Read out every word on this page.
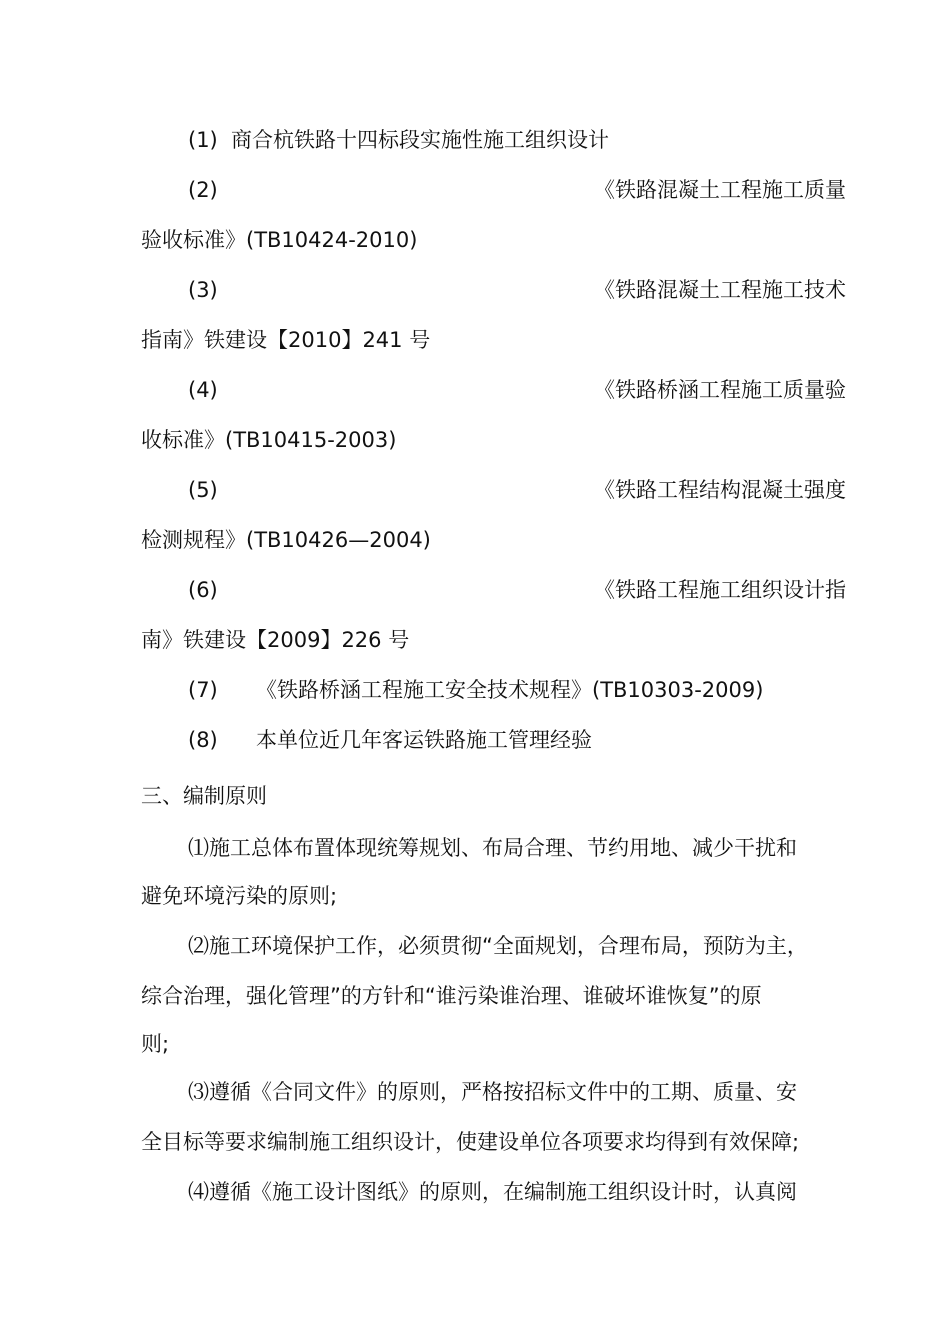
(1) 商合杭铁路十四标段实施性施工组织设计
(2)	《铁路混凝土工程施工质量
验收标准》(TB10424-2010)
(3)	《铁路混凝土工程施工技术
指南》铁建设【2010】241 号
(4)	《铁路桥涵工程施工质量验
收标准》(TB10415-2003)
(5)	《铁路工程结构混凝土强度
检测规程》(TB10426—2004)
(6)	《铁路工程施工组织设计指
南》铁建设【2009】226 号
(7) 《铁路桥涵工程施工安全技术规程》(TB10303-2009)
(8) 本单位近几年客运铁路施工管理经验
三、编制原则
⑴施工总体布置体现统筹规划、布局合理、节约用地、减少干扰和
避免环境污染的原则;
⑵施工环境保护工作，必须贯彻“全面规划，合理布局，预防为主，
综合治理，强化管理”的方针和“谁污染谁治理、谁破坏谁恢复”的原
则;
⑶遵循《合同文件》的原则，严格按招标文件中的工期、质量、安
全目标等要求编制施工组织设计，使建设单位各项要求均得到有效保障;
⑷遵循《施工设计图纸》的原则，在编制施工组织设计时，认真阅
